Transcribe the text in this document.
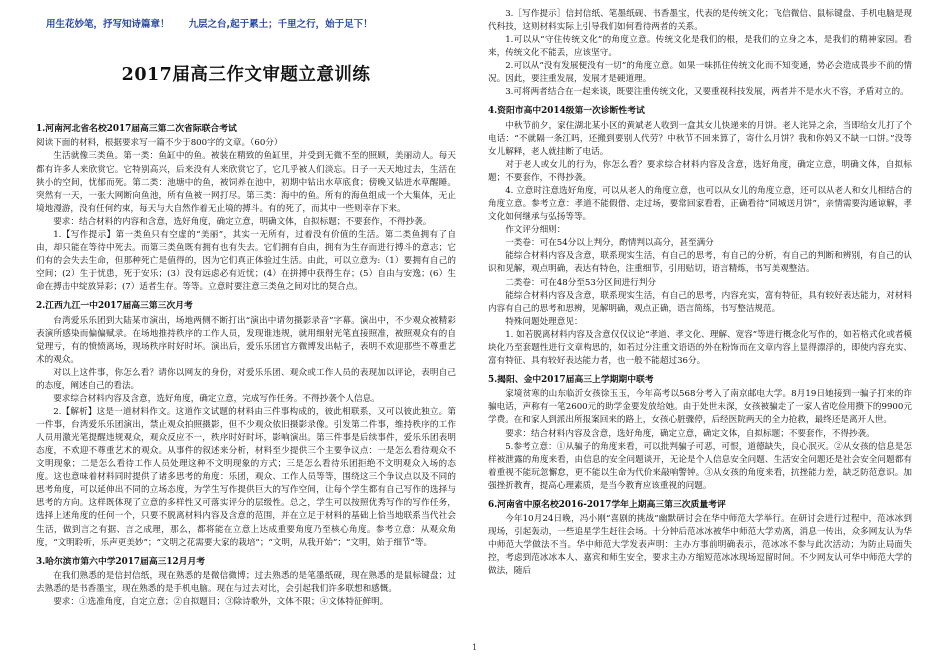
用生花妙笔，抒写知诗篇章！　　九层之台,起于累土；千里之行，始于足下！
2017届高三作文审题立意训练
1.河南河北省名校2017届高三第二次省际联合考试

阅读下面的材料，根据要求写一篇不少于800字的文章。（60分）

生活就像三类鱼。第一类：鱼缸中的鱼。被装在精致的鱼缸里，并受到无微不至的照顾，美丽动人。每天都有许多人来欣赏它。它特别高兴，后来没有人来欣赏它了，它几乎被人们淡忘。日子一天天地过去，生活在狭小的空间，忧郁而死。第二类：池塘中的鱼，被饲养在池中，初期中钻出水草底食；傍晚又钻进水草醒睡。突然有一天，一张大网断向鱼池，所有鱼被一网打尽。第三类：海中的鱼。所有的海鱼组成一个大集体，无止境地漫游，没有任何约束，每天与大自然作着无止境的搏斗。有的死了，而其中一些则幸存下来。

要求：结合材料的内容和含意，选好角度，确定立意，明确文体，自拟标题；不要套作，不得抄袭。

1.【写作提示】第一类鱼只有空虚的“美丽”，其实一无所有，过着没有价值的生活。第二类鱼拥有了自由，却只能在等待中死去。而第三类鱼既有拥有也有失去。它们拥有自由，拥有为生存而进行搏斗的意志；它们有的会失去生命，但那种死亡是值得的，因为它们真正体验过生活。由此，可以立意为:（1）要拥有自己的空间；(2）生于忧患，死于安乐；(3）没有远虑必有近忧；(4）在拼搏中获得生存；(5）自由与安逸；(6）生命在搏击中绽放异彩；(7）适者生存。等等。立意时要注意三类鱼之间对比的契合点。

2.江西九江一中2017届高三第三次月考

台湾爱乐乐团到大陆某市演出，场地两侧不断打出“演出中请勿摄影录音”字幕。演出中，不少观众被精彩表演所感染而偏偏赋录。在场地推持秩序的工作人员，发现谁违规，就用细射光笔直接照准，被照观众有的自觉理亏，有的愤愤离场，现场秩序时好时坏。演出后，爱乐乐团官方微博发出帖子，表明不欢迎那些不尊重艺术的观众。

对以上这件事，你怎么看？请你以网友的身份，对爱乐乐团、观众或工作人员的表现加以评论，表明自己的态度，阐述自己的看法。

要求综合材料内容及含意，选好角度，确定立意，完成写作任务。不得抄袭个人信息。

2.【解析】这是一道材料作文。这道作文试题的材料由三件事构成的，彼此相联系，又可以彼此独立。第一件事，台湾爱乐乐团演出，禁止观众拍照摄影，但不少观众依旧摄影录像。引发第二件事，维持秩序的工作人员用激光笔提醒违规观众，观众反应不一，秩序时好时坏，影响演出。第三件事是后续事件，爱乐乐团表明态度，不欢迎不尊重艺术的观众。从事件的叙述来分析，材料至少提供三个主要争议点：一是怎么看待观众不文明现象；二是怎么看待工作人员处理这种不文明现象的方式；三是怎么看待乐团拒绝不文明观众入场的态度。这也意味着材料同时提供了诸多思考的角度：乐团，观众、工作人员等等，围绕这三个争议点以及不同的思考角度，可以延伸出不同的立场态度，为学生写作提供巨大的写作空间，让每个学生都有自己写作的选择与思考的方向。这样既体现了立意的多样性又可落实评分的层级性。总之，学生可以按照优秀写作的写作任务，选择上述角度的任何一个，只要不脱离材料内容及含意的范围，并在立足于材料的基础上恰当地联系当代社会生活，做到言之有据、言之成理，那么，都将能在立意上达成重要角度乃至核心角度。参考立意：从观众角度，“文明聆听，乐声更美妙”；“文明之花需要大家的栽培”；“文明，从我开始”；“文明，始于细节”等。

3.哈尔滨市第六中学2017届高三12月月考

在我们熟悉的是信封信纸，现在熟悉的是微信微博；过去熟悉的是笔墨纸砚，现在熟悉的是鼠标键盘；过去熟悉的是书香墨宝，现在熟悉的是手机电脑。现在与过去对比，会引起我们许多联想和感慨。

要求：①选准角度，自定立意；②自拟题目；③除诗歌外，文体不限；④文体特征鲜明。

3.［写作提示］信封信纸、笔墨纸砚、书香墨宝，代表的是传统文化；飞信微信、鼠标键盘、手机电脑是现代科技，这则材料实际上引导我们如何看待两者的关系。

1.可以从“守住传统文化”的角度立意。传统文化是我们的根，是我们的立身之本，是我们的精神家园。看来，传统文化不能丢，应该坚守。

2.可以从“没有发展便没有一切”的角度立意。如果一味抓住传统文化而不知变通，势必会造成畏步不前的情况。因此，要注重发展，发展才是硬道理。

3.可将两者结合在一起来谈，既要注重传统文化，又要重视科技发展，两者并不是水火不容，矛盾对立的。

4.资阳市高中2014级第一次诊断性考试

中秋节前夕，家住湖北某小区的黄斌老人收到一盒其女儿快递来的月饼。老人诧异之余，当即给女儿打了个电话：“不就隔一条江吗，还搬到要别人代劳？中秋节不回来算了，寄什么月饼？我和你妈又不缺一口饼。”没等女儿解释，老人就挂断了电话。

对于老人或女儿的行为，你怎么看？要求综合材料内容及含意，选好角度，确定立意，明确文体，自拟标题；不要套作，不得抄袭。

4. 立意时注意选好角度，可以从老人的角度立意，也可以从女儿的角度立意，还可以从老人和女儿相结合的角度立意。参考立意：孝道不能假借、走过场，要常回家看看，正确看待“同城送月饼”，亲情需要沟通谅解，孝文化如何继承与弘扬等等。

作文评分细则：

一类卷：可在54分以上判分，酌情判以高分，甚至满分

能综合材料内容及含意，联系现实生活，有自己的思考，有自己的分析，有自己的判断和辨别，有自己的认识和见解，观点明确，表达有特色，注重细节，引用贴切，语言精炼，书写美观整洁。

二类卷：可在48分至53分区间进行判分

能综合材料内容及含意，联系现实生活，有自己的思考，内容充实，富有特征，具有较好表达能力，对材料内容有自己的思考和思辨，见解明确，观点正确，语言简练，书写整洁规范。

特殊问题处理意见：

1. 如若脱离材料内容及含意仅仅议论“孝道、孝文化、理解、宽容”等进行概念化写作的，如若格式化或者模块化乃至套题性进行文章构思的，如若过分注重文语语的外在粉饰而在文章内容上显得漂浮的，即使内容充实、富有特征、具有较好表达能力者，也一般不能超过36分。

5.揭阳、金中2017届高三上学期期中联考

家境贫寒的山东临沂女孩徐玉玉，今年高考以568分考入了南京邮电大学。8月19日她接到一骗子打来的诈骗电话，声称有一笔2600元的助学金要发放给她。由于处世未深，女孩被骗走了一家人省吃俭用攒下的9900元学费。在和家人到派出所报案回来的路上，女孩心脏骤停，后经医院两天的全力抢救，最终还是离开人世。

要求：结合材料内容及含意，选好角度，确定立意，确定文体，自拟标题；不要套作，不得抄袭。

5.参考立意：①从骗子的角度来看，可以批判骗子可恶，可恨，道德缺失，良心泯灭。②从女孩的信息是怎样被泄露的角度来看，由信息的安全问题谈开，无论是个人信息安全问题、生活安全问题还是社会安全问题都有着重视不能玩忽懈怠，更不能以生命为代价来敲响警钟。③从女孩的角度来看，抗挫能力差，缺乏防范意识。加强挫折教育，提高心理素质，是当今教育应该重视的问题。

6.河南省中原名校2016-2017学年上期高三第三次质量考评

今年10月24日晚，冯小刚“喜剧的挑战”幽默研讨会在华中师范大学举行。在研讨会进行过程中，范冰冰到现场，引起轰动，一些追星学生赶往会场。十分钟后范冰冰被华中师范大学劝离，消息一传出，众多网友认为华中师范大学做法不当。华中师范大学发表声明：主办方事前明确表示，范冰冰不参与此次活动；为防止局面失控，考虑到范冰冰本人、嘉宾和师生安全，要求主办方缩短范冰冰现场逗留时间。不少网友认可华中师范大学的做法，随后

1
